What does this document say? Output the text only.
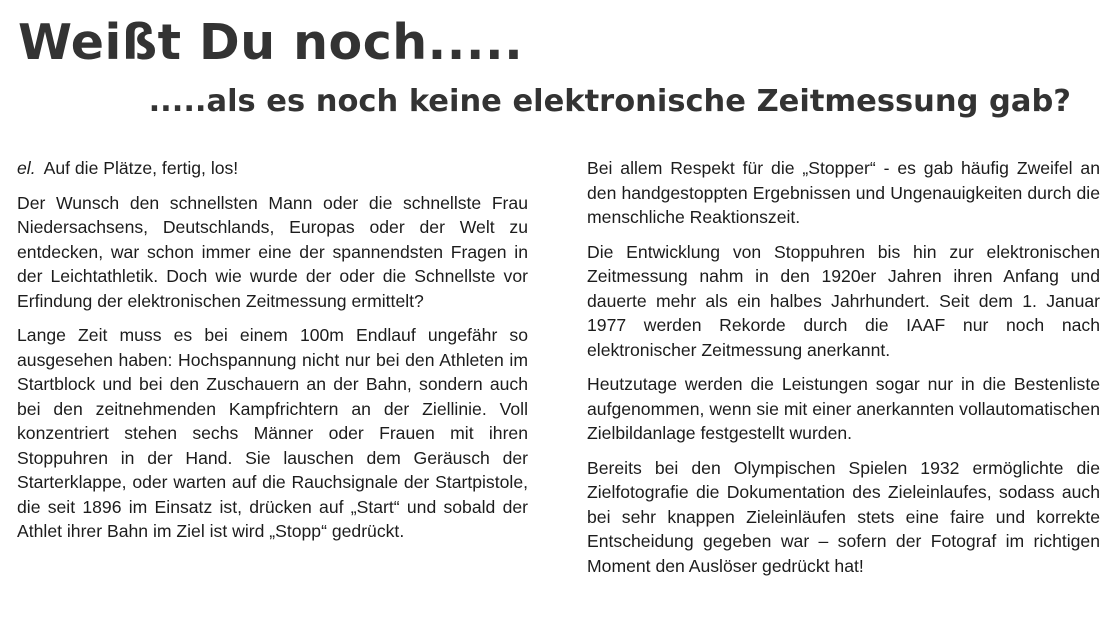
Weißt Du noch.....
.....als es noch keine elektronische Zeitmessung gab?

el. Auf die Plätze, fertig, los!

Der Wunsch den schnellsten Mann oder die schnellste Frau Niedersachsens, Deutschlands, Europas oder der Welt zu entdecken, war schon immer eine der spannendsten Fragen in der Leichtathletik. Doch wie wurde der oder die Schnellste vor Erfindung der elektronischen Zeitmessung ermittelt?

Lange Zeit muss es bei einem 100m Endlauf ungefähr so ausgesehen haben: Hochspannung nicht nur bei den Athleten im Startblock und bei den Zuschauern an der Bahn, sondern auch bei den zeitnehmenden Kampfrichtern an der Ziellinie. Voll konzentriert stehen sechs Männer oder Frauen mit ihren Stoppuhren in der Hand. Sie lauschen dem Geräusch der Starterklappe, oder warten auf die Rauchsignale der Startpistole, die seit 1896 im Einsatz ist, drücken auf „Start“ und sobald der Athlet ihrer Bahn im Ziel ist wird „Stopp“ gedrückt.

Bei allem Respekt für die „Stopper“ - es gab häufig Zweifel an den handgestoppten Ergebnissen und Ungenauigkeiten durch die menschliche Reaktionszeit.

Die Entwicklung von Stoppuhren bis hin zur elektronischen Zeitmessung nahm in den 1920er Jahren ihren Anfang und dauerte mehr als ein halbes Jahrhundert. Seit dem 1. Januar 1977 werden Rekorde durch die IAAF nur noch nach elektronischer Zeitmessung anerkannt.

Heutzutage werden die Leistungen sogar nur in die Bestenliste aufgenommen, wenn sie mit einer anerkannten vollautomatischen Zielbildanlage festgestellt wurden.

Bereits bei den Olympischen Spielen 1932 ermöglichte die Zielfotografie die Dokumentation des Zieleinlaufes, sodass auch bei sehr knappen Zieleinläufen stets eine faire und korrekte Entscheidung gegeben war – sofern der Fotograf im richtigen Moment den Auslöser gedrückt hat!
